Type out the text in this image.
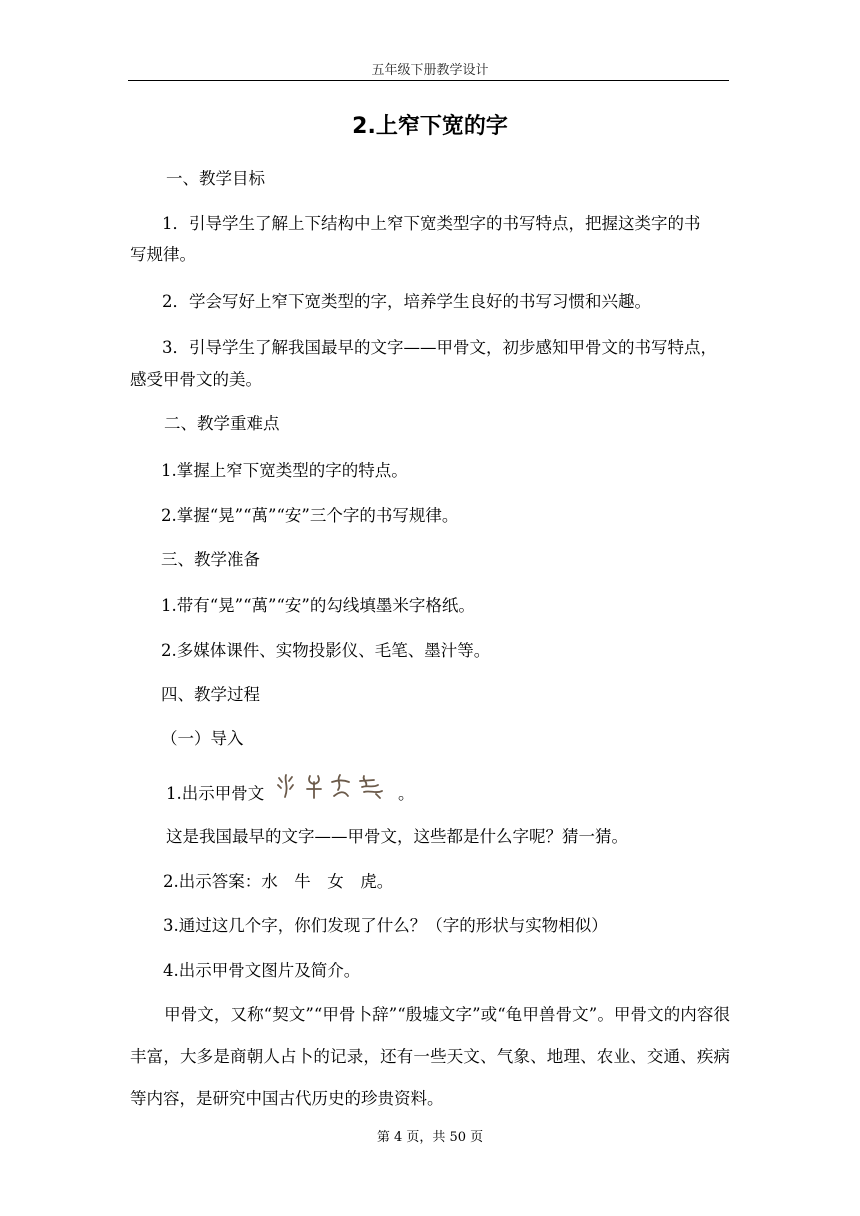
五年级下册教学设计
2.上窄下宽的字
一、教学目标
1．引导学生了解上下结构中上窄下宽类型字的书写特点，把握这类字的书
写规律。
2．学会写好上窄下宽类型的字，培养学生良好的书写习惯和兴趣。
3．引导学生了解我国最早的文字——甲骨文，初步感知甲骨文的书写特点，
感受甲骨文的美。
二、教学重难点
1.掌握上窄下宽类型的字的特点。
2.掌握“晃”“萬”“安”三个字的书写规律。
三、教学准备
1.带有“晃”“萬”“安”的勾线填墨米字格纸。
2.多媒体课件、实物投影仪、毛笔、墨汁等。
四、教学过程
（一）导入
1.出示甲骨文	。
这是我国最早的文字——甲骨文，这些都是什么字呢？猜一猜。
2.出示答案：水　牛　女　虎。
3.通过这几个字，你们发现了什么？（字的形状与实物相似）
4.出示甲骨文图片及简介。
甲骨文，又称“契文”“甲骨卜辞”“殷墟文字”或“龟甲兽骨文”。甲骨文的内容很丰富，大多是商朝人占卜的记录，还有一些天文、气象、地理、农业、交通、疾病等内容，是研究中国古代历史的珍贵资料。
第 4 页，共 50 页
